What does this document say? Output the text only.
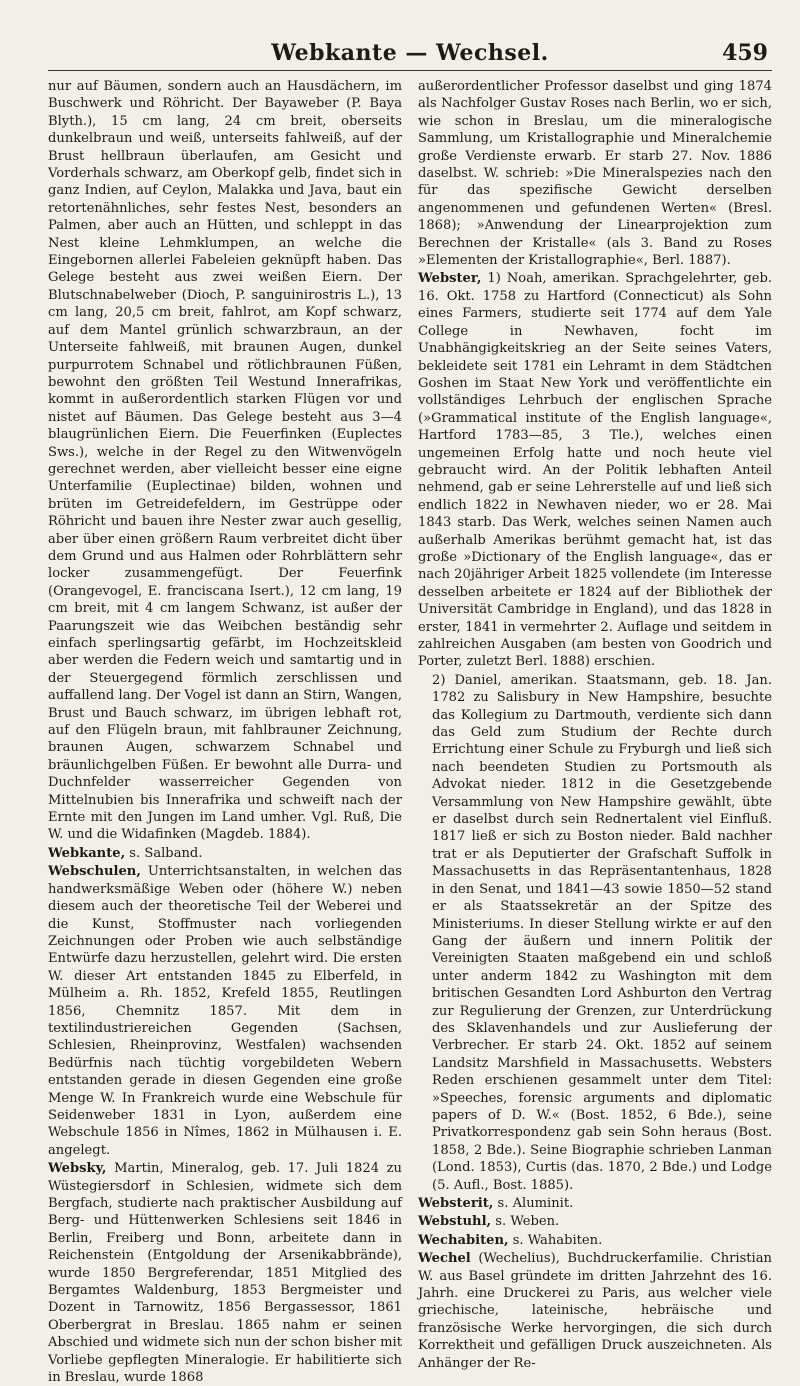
Webkante — Wechsel.	459

nur auf Bäumen, sondern auch an Hausdächern, im Buschwerk und Röhricht. Der Bayaweber (P. Baya Blyth.), 15 cm lang, 24 cm breit, oberseits dunkelbraun und weiß, unterseits fahlweiß, auf der Brust hellbraun überlaufen, am Gesicht und Vorderhals schwarz, am Oberkopf gelb, findet sich in ganz Indien, auf Ceylon, Malakka und Java, baut ein retortenähnliches, sehr festes Nest, besonders an Palmen, aber auch an Hütten, und schleppt in das Nest kleine Lehmklumpen, an welche die Eingebornen allerlei Fabeleien geknüpft haben. Das Gelege besteht aus zwei weißen Eiern. Der Blutschnabelweber (Dioch, P. sanguinirostris L.), 13 cm lang, 20,5 cm breit, fahlrot, am Kopf schwarz, auf dem Mantel grünlich schwarzbraun, an der Unterseite fahlweiß, mit braunen Augen, dunkel purpurrotem Schnabel und rötlichbraunen Füßen, bewohnt den größten Teil Westund Innerafrikas, kommt in außerordentlich starken Flügen vor und nistet auf Bäumen. Das Gelege besteht aus 3—4 blaugrünlichen Eiern. Die Feuerfinken (Euplectes Sws.), welche in der Regel zu den Witwenvögeln gerechnet werden, aber vielleicht besser eine eigne Unterfamilie (Euplectinae) bilden, wohnen und brüten im Getreidefeldern, im Gestrüppe oder Röhricht und bauen ihre Nester zwar auch gesellig, aber über einen größern Raum verbreitet dicht über dem Grund und aus Halmen oder Rohrblättern sehr locker zusammengefügt. Der Feuerfink (Orangevogel, E. franciscana Isert.), 12 cm lang, 19 cm breit, mit 4 cm langem Schwanz, ist außer der Paarungszeit wie das Weibchen beständig sehr einfach sperlingsartig gefärbt, im Hochzeitskleid aber werden die Federn weich und samtartig und in der Steuergegend förmlich zerschlissen und auffallend lang. Der Vogel ist dann an Stirn, Wangen, Brust und Bauch schwarz, im übrigen lebhaft rot, auf den Flügeln braun, mit fahlbrauner Zeichnung, braunen Augen, schwarzem Schnabel und bräunlichgelben Füßen. Er bewohnt alle Durra- und Duchnfelder wasserreicher Gegenden von Mittelnubien bis Innerafrika und schweift nach der Ernte mit den Jungen im Land umher. Vgl. Ruß, Die W. und die Widafinken (Magdeb. 1884).

Webkante, s. Salband.

Webschulen, Unterrichtsanstalten, in welchen das handwerksmäßige Weben oder (höhere W.) neben diesem auch der theoretische Teil der Weberei und die Kunst, Stoffmuster nach vorliegenden Zeichnungen oder Proben wie auch selbständige Entwürfe dazu herzustellen, gelehrt wird. Die ersten W. dieser Art entstanden 1845 zu Elberfeld, in Mülheim a. Rh. 1852, Krefeld 1855, Reutlingen 1856, Chemnitz 1857. Mit dem in textilindustriereichen Gegenden (Sachsen, Schlesien, Rheinprovinz, Westfalen) wachsenden Bedürfnis nach tüchtig vorgebildeten Webern entstanden gerade in diesen Gegenden eine große Menge W. In Frankreich wurde eine Webschule für Seidenweber 1831 in Lyon, außerdem eine Webschule 1856 in Nîmes, 1862 in Mülhausen i. E. angelegt.

Websky, Martin, Mineralog, geb. 17. Juli 1824 zu Wüstegiersdorf in Schlesien, widmete sich dem Bergfach, studierte nach praktischer Ausbildung auf Berg- und Hüttenwerken Schlesiens seit 1846 in Berlin, Freiberg und Bonn, arbeitete dann in Reichenstein (Entgoldung der Arsenikabbrände), wurde 1850 Bergreferendar, 1851 Mitglied des Bergamtes Waldenburg, 1853 Bergmeister und Dozent in Tarnowitz, 1856 Bergassessor, 1861 Oberbergrat in Breslau. 1865 nahm er seinen Abschied und widmete sich nun der schon bisher mit Vorliebe gepflegten Mineralogie. Er habilitierte sich in Breslau, wurde 1868

außerordentlicher Professor daselbst und ging 1874 als Nachfolger Gustav Roses nach Berlin, wo er sich, wie schon in Breslau, um die mineralogische Sammlung, um Kristallographie und Mineralchemie große Verdienste erwarb. Er starb 27. Nov. 1886 daselbst. W. schrieb: »Die Mineralspezies nach den für das spezifische Gewicht derselben angenommenen und gefundenen Werten« (Bresl. 1868); »Anwendung der Linearprojektion zum Berechnen der Kristalle« (als 3. Band zu Roses »Elementen der Kristallographie«, Berl. 1887).

Webster, 1) Noah, amerikan. Sprachgelehrter, geb. 16. Okt. 1758 zu Hartford (Connecticut) als Sohn eines Farmers, studierte seit 1774 auf dem Yale College in Newhaven, focht im Unabhängigkeitskrieg an der Seite seines Vaters, bekleidete seit 1781 ein Lehramt in dem Städtchen Goshen im Staat New York und veröffentlichte ein vollständiges Lehrbuch der englischen Sprache (»Grammatical institute of the English language«, Hartford 1783—85, 3 Tle.), welches einen ungemeinen Erfolg hatte und noch heute viel gebraucht wird. An der Politik lebhaften Anteil nehmend, gab er seine Lehrerstelle auf und ließ sich endlich 1822 in Newhaven nieder, wo er 28. Mai 1843 starb. Das Werk, welches seinen Namen auch außerhalb Amerikas berühmt gemacht hat, ist das große »Dictionary of the English language«, das er nach 20jähriger Arbeit 1825 vollendete (im Interesse desselben arbeitete er 1824 auf der Bibliothek der Universität Cambridge in England), und das 1828 in erster, 1841 in vermehrter 2. Auflage und seitdem in zahlreichen Ausgaben (am besten von Goodrich und Porter, zuletzt Berl. 1888) erschien.

2) Daniel, amerikan. Staatsmann, geb. 18. Jan. 1782 zu Salisbury in New Hampshire, besuchte das Kollegium zu Dartmouth, verdiente sich dann das Geld zum Studium der Rechte durch Errichtung einer Schule zu Fryburgh und ließ sich nach beendeten Studien zu Portsmouth als Advokat nieder. 1812 in die Gesetzgebende Versammlung von New Hampshire gewählt, übte er daselbst durch sein Rednertalent viel Einfluß. 1817 ließ er sich zu Boston nieder. Bald nachher trat er als Deputierter der Grafschaft Suffolk in Massachusetts in das Repräsentantenhaus, 1828 in den Senat, und 1841—43 sowie 1850—52 stand er als Staatssekretär an der Spitze des Ministeriums. In dieser Stellung wirkte er auf den Gang der äußern und innern Politik der Vereinigten Staaten maßgebend ein und schloß unter anderm 1842 zu Washington mit dem britischen Gesandten Lord Ashburton den Vertrag zur Regulierung der Grenzen, zur Unterdrückung des Sklavenhandels und zur Auslieferung der Verbrecher. Er starb 24. Okt. 1852 auf seinem Landsitz Marshfield in Massachusetts. Websters Reden erschienen gesammelt unter dem Titel: »Speeches, forensic arguments and diplomatic papers of D. W.« (Bost. 1852, 6 Bde.), seine Privatkorrespondenz gab sein Sohn heraus (Bost. 1858, 2 Bde.). Seine Biographie schrieben Lanman (Lond. 1853), Curtis (das. 1870, 2 Bde.) und Lodge (5. Aufl., Bost. 1885).

Websterit, s. Aluminit.

Webstuhl, s. Weben.

Wechabiten, s. Wahabiten.

Wechel (Wechelius), Buchdruckerfamilie. Christian W. aus Basel gründete im dritten Jahrzehnt des 16. Jahrh. eine Druckerei zu Paris, aus welcher viele griechische, lateinische, hebräische und französische Werke hervorgingen, die sich durch Korrektheit und gefälligen Druck auszeichneten. Als Anhänger der Re-
